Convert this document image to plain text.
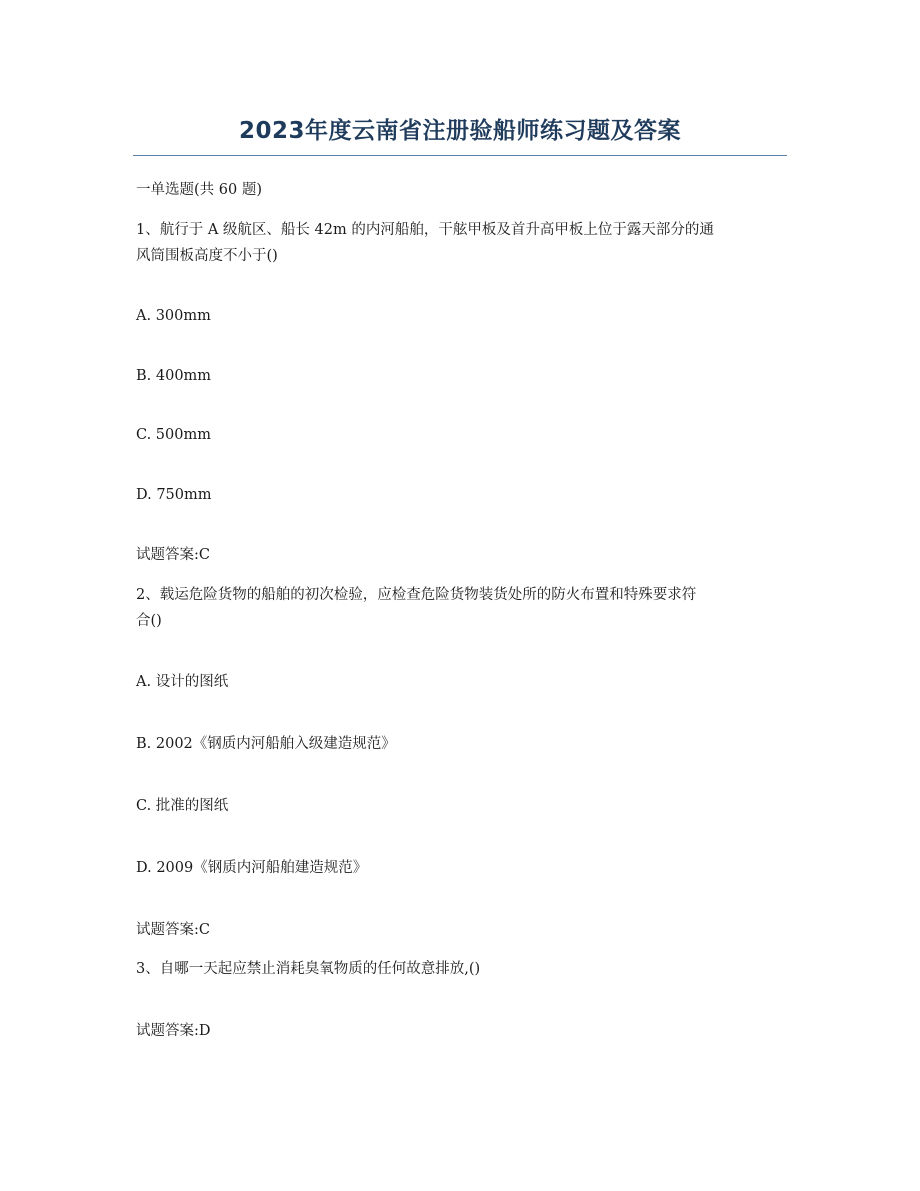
2023年度云南省注册验船师练习题及答案
一单选题(共 60 题)
1、航行于 A 级航区、船长 42m 的内河船舶，干舷甲板及首升高甲板上位于露天部分的通
风筒围板高度不小于()
A. 300mm
B. 400mm
C. 500mm
D. 750mm
试题答案:C
2、载运危险货物的船舶的初次检验，应检查危险货物装货处所的防火布置和特殊要求符
合()
A. 设计的图纸
B. 2002《钢质内河船舶入级建造规范》
C. 批准的图纸
D. 2009《钢质内河船舶建造规范》
试题答案:C
3、自哪一天起应禁止消耗臭氧物质的任何故意排放,()
试题答案:D
